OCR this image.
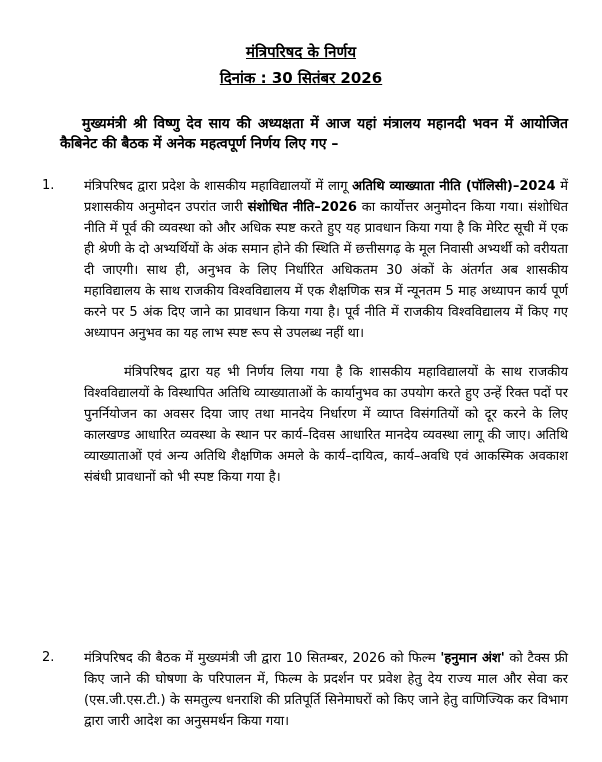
मंत्रिपरिषद के निर्णय
दिनांक : 30 सितंबर 2026

मुख्यमंत्री श्री विष्णु देव साय की अध्यक्षता में आज यहां मंत्रालय महानदी भवन में आयोजित कैबिनेट की बैठक में अनेक महत्वपूर्ण निर्णय लिए गए –

1. मंत्रिपरिषद द्वारा प्रदेश के शासकीय महाविद्यालयों में लागू अतिथि व्याख्याता नीति (पॉलिसी)–2024 में प्रशासकीय अनुमोदन उपरांत जारी संशोधित नीति–2026 का कार्योत्तर अनुमोदन किया गया। संशोधित नीति में पूर्व की व्यवस्था को और अधिक स्पष्ट करते हुए यह प्रावधान किया गया है कि मेरिट सूची में एक ही श्रेणी के दो अभ्यर्थियों के अंक समान होने की स्थिति में छत्तीसगढ़ के मूल निवासी अभ्यर्थी को वरीयता दी जाएगी। साथ ही, अनुभव के लिए निर्धारित अधिकतम 30 अंकों के अंतर्गत अब शासकीय महाविद्यालय के साथ राजकीय विश्वविद्यालय में एक शैक्षणिक सत्र में न्यूनतम 5 माह अध्यापन कार्य पूर्ण करने पर 5 अंक दिए जाने का प्रावधान किया गया है। पूर्व नीति में राजकीय विश्वविद्यालय में किए गए अध्यापन अनुभव का यह लाभ स्पष्ट रूप से उपलब्ध नहीं था।

मंत्रिपरिषद द्वारा यह भी निर्णय लिया गया है कि शासकीय महाविद्यालयों के साथ राजकीय विश्वविद्यालयों के विस्थापित अतिथि व्याख्याताओं के कार्यानुभव का उपयोग करते हुए उन्हें रिक्त पदों पर पुनर्नियोजन का अवसर दिया जाए तथा मानदेय निर्धारण में व्याप्त विसंगतियों को दूर करने के लिए कालखण्ड आधारित व्यवस्था के स्थान पर कार्य–दिवस आधारित मानदेय व्यवस्था लागू की जाए। अतिथि व्याख्याताओं एवं अन्य अतिथि शैक्षणिक अमले के कार्य–दायित्व, कार्य–अवधि एवं आकस्मिक अवकाश संबंधी प्रावधानों को भी स्पष्ट किया गया है।

2. मंत्रिपरिषद की बैठक में मुख्यमंत्री जी द्वारा 10 सितम्बर, 2026 को फिल्म 'हनुमान अंश' को टैक्स फ्री किए जाने की घोषणा के परिपालन में, फिल्म के प्रदर्शन पर प्रवेश हेतु देय राज्य माल और सेवा कर (एस.जी.एस.टी.) के समतुल्य धनराशि की प्रतिपूर्ति सिनेमाघरों को किए जाने हेतु वाणिज्यिक कर विभाग द्वारा जारी आदेश का अनुसमर्थन किया गया।
